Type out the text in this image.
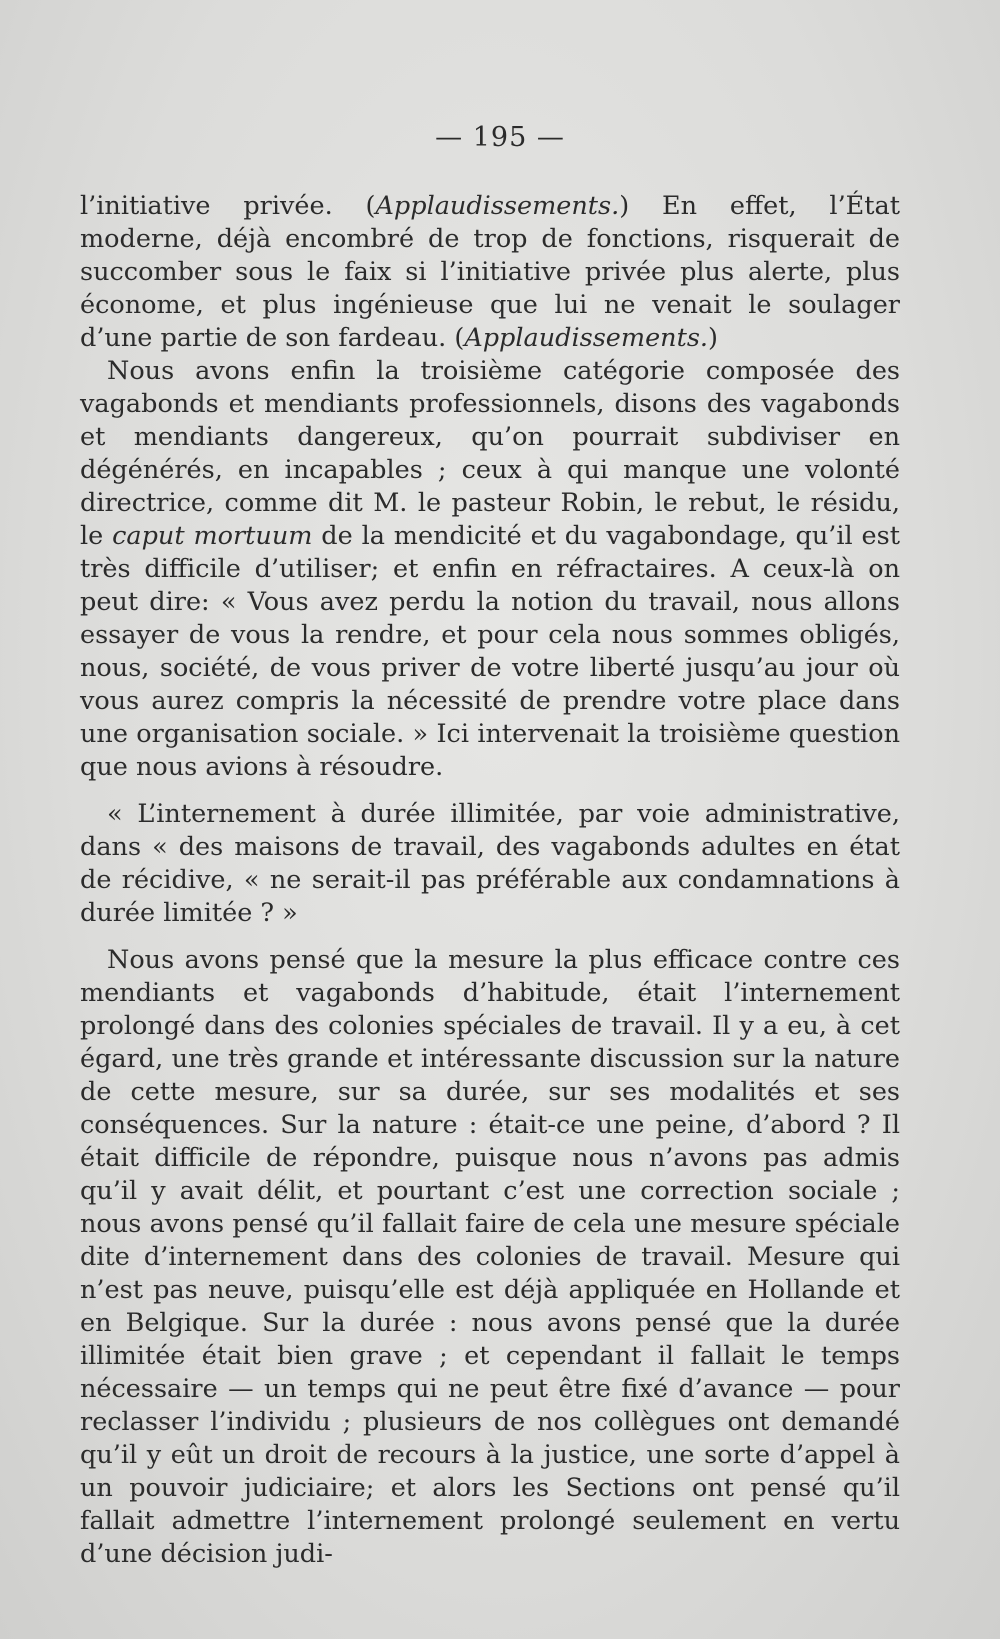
— 195 —

l’initiative privée. (Applaudissements.) En effet, l’État moderne, déjà encombré de trop de fonctions, risquerait de succomber sous le faix si l’initiative privée plus alerte, plus économe, et plus ingénieuse que lui ne venait le soulager d’une partie de son fardeau. (Applaudissements.)

Nous avons enfin la troisième catégorie composée des vagabonds et mendiants professionnels, disons des vagabonds et mendiants dangereux, qu’on pourrait subdiviser en dégénérés, en incapables ; ceux à qui manque une volonté directrice, comme dit M. le pasteur Robin, le rebut, le résidu, le caput mortuum de la mendicité et du vagabondage, qu’il est très difficile d’utiliser; et enfin en réfractaires. A ceux-là on peut dire: « Vous avez perdu la notion du travail, nous allons essayer de vous la rendre, et pour cela nous sommes obligés, nous, société, de vous priver de votre liberté jusqu’au jour où vous aurez compris la nécessité de prendre votre place dans une organisation sociale. » Ici intervenait la troisième question que nous avions à résoudre.

« L’internement à durée illimitée, par voie administrative, dans « des maisons de travail, des vagabonds adultes en état de récidive, « ne serait-il pas préférable aux condamnations à durée limitée ? »

Nous avons pensé que la mesure la plus efficace contre ces mendiants et vagabonds d’habitude, était l’internement prolongé dans des colonies spéciales de travail. Il y a eu, à cet égard, une très grande et intéressante discussion sur la nature de cette mesure, sur sa durée, sur ses modalités et ses conséquences. Sur la nature : était-ce une peine, d’abord ? Il était difficile de répondre, puisque nous n’avons pas admis qu’il y avait délit, et pourtant c’est une correction sociale ; nous avons pensé qu’il fallait faire de cela une mesure spéciale dite d’internement dans des colonies de travail. Mesure qui n’est pas neuve, puisqu’elle est déjà appliquée en Hollande et en Belgique. Sur la durée : nous avons pensé que la durée illimitée était bien grave ; et cependant il fallait le temps nécessaire — un temps qui ne peut être fixé d’avance — pour reclasser l’individu ; plusieurs de nos collègues ont demandé qu’il y eût un droit de recours à la justice, une sorte d’appel à un pouvoir judiciaire; et alors les Sections ont pensé qu’il fallait admettre l’internement prolongé seulement en vertu d’une décision judi-
